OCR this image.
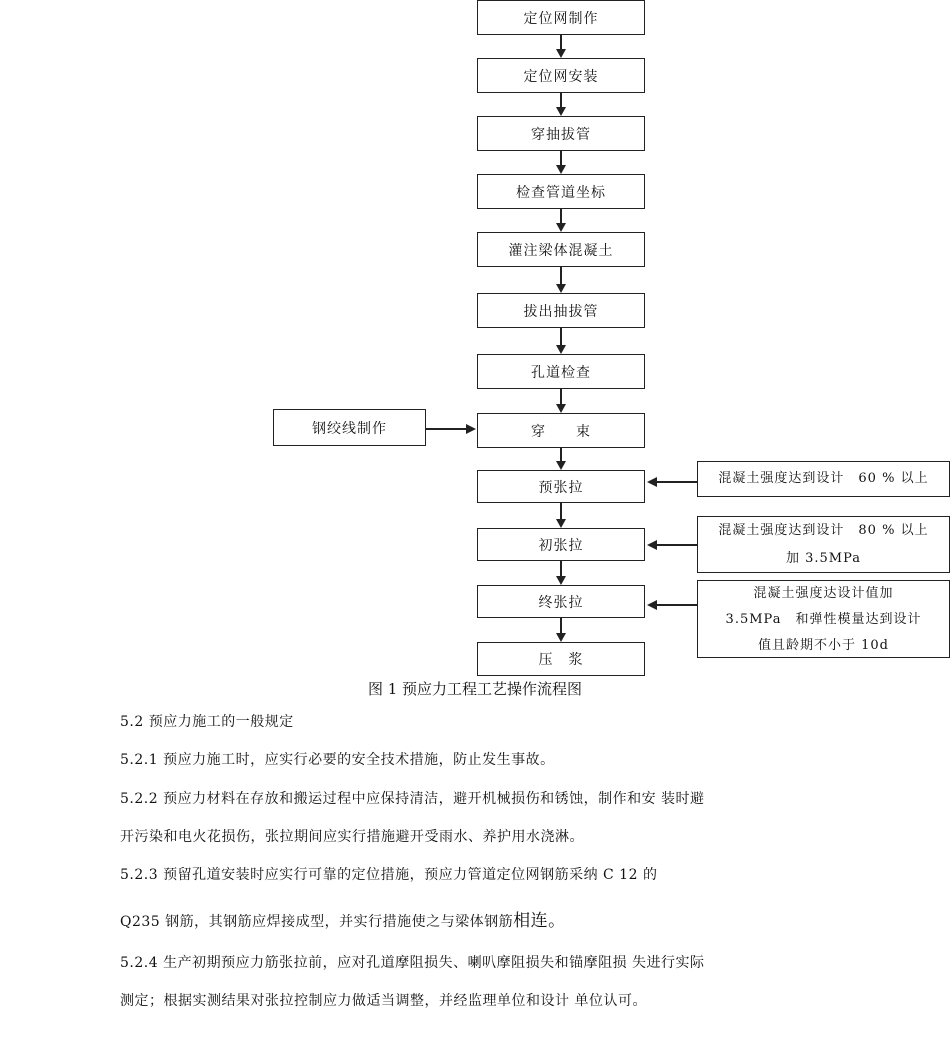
定位网制作
定位网安装
穿抽拔管
检查管道坐标
灌注梁体混凝土
拔出抽拔管
孔道检查
穿　　束
预张拉
初张拉
终张拉
压　浆
钢绞线制作
混凝土强度达到设计　60 % 以上
混凝土强度达到设计　80 % 以上
加 3.5MPa
混凝土强度达设计值加
3.5MPa　和弹性模量达到设计
值且龄期不小于 10d
图 1 预应力工程工艺操作流程图
5.2 预应力施工的一般规定
5.2.1 预应力施工时，应实行必要的安全技术措施，防止发生事故。
5.2.2 预应力材料在存放和搬运过程中应保持清洁，避开机械损伤和锈蚀，制作和安 装时避
开污染和电火花损伤，张拉期间应实行措施避开受雨水、养护用水浇淋。
5.2.3 预留孔道安装时应实行可靠的定位措施，预应力管道定位网钢筋采纳 C 12 的
Q235 钢筋，其钢筋应焊接成型，并实行措施使之与梁体钢筋相连。
5.2.4 生产初期预应力筋张拉前，应对孔道摩阻损失、喇叭摩阻损失和锚摩阻损 失进行实际
测定；根据实测结果对张拉控制应力做适当调整，并经监理单位和设计 单位认可。
